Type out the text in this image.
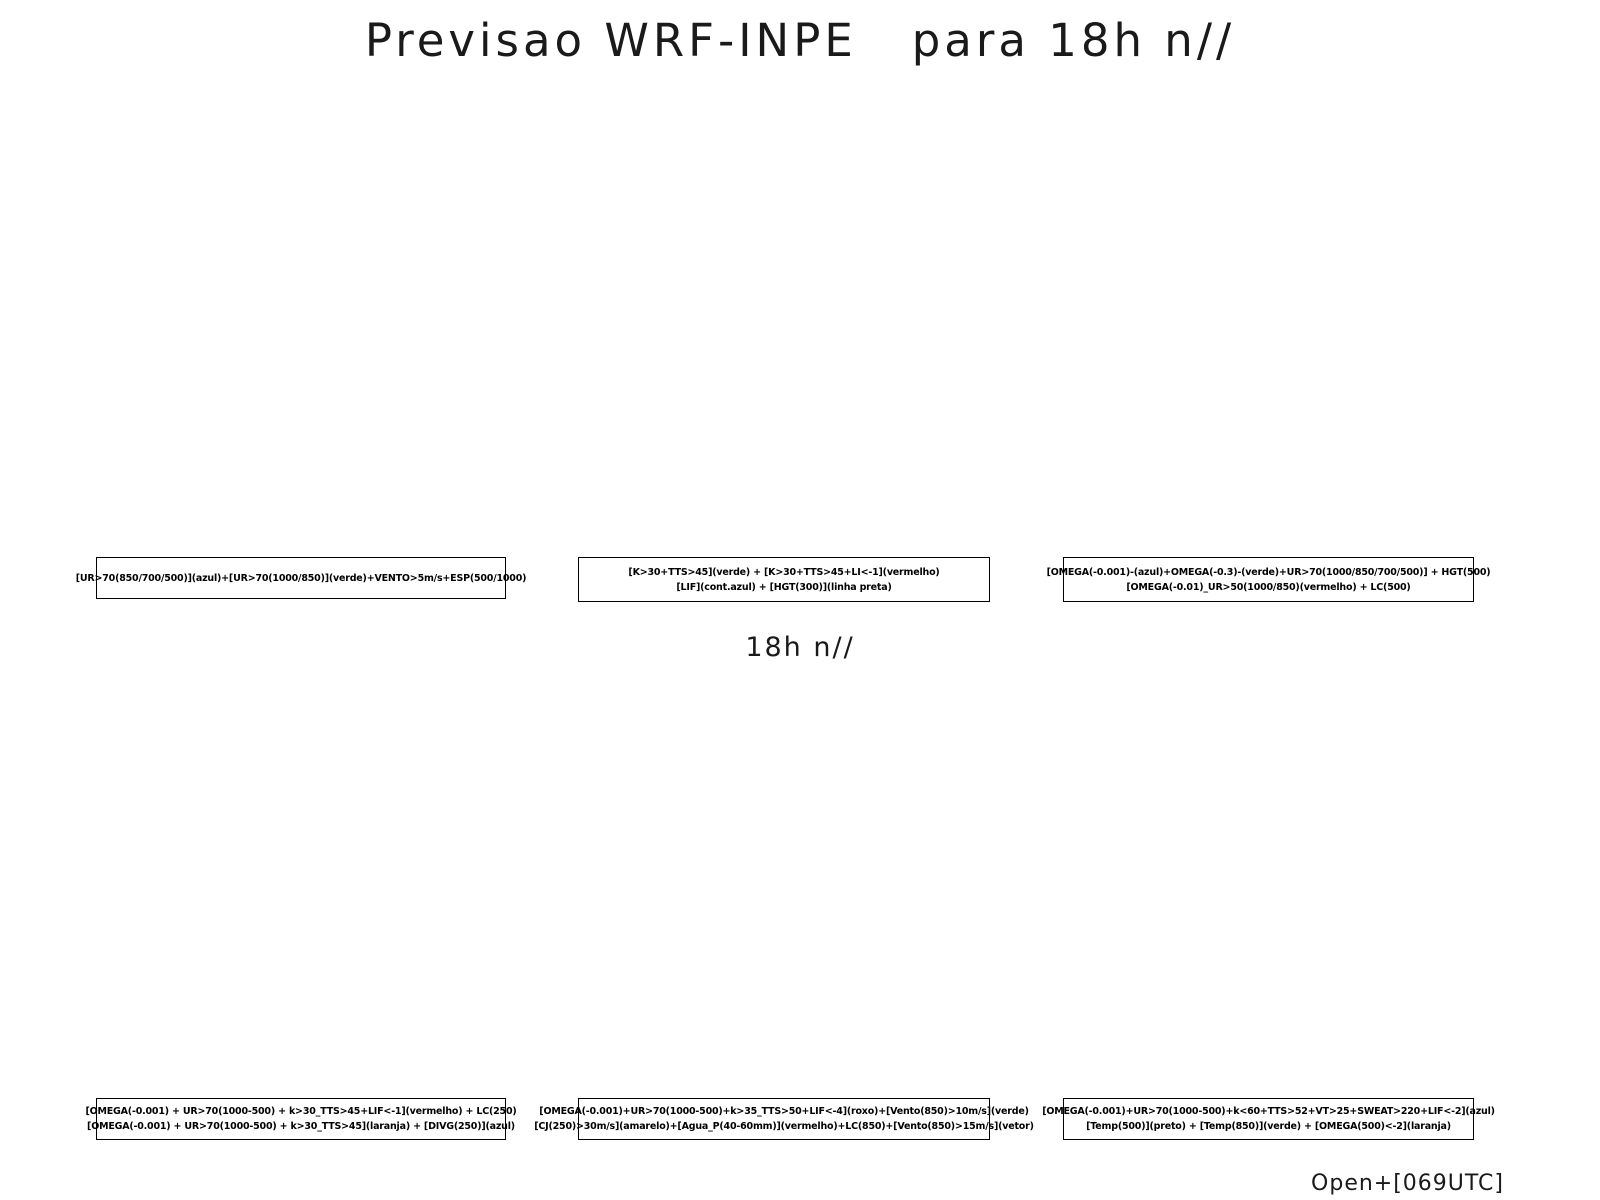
Previsao WRF-INPE   para 18h n//
18h n//
[UR>70(850/700/500)](azul)+[UR>70(1000/850)](verde)+VENTO>5m/s+ESP(500/1000)
[K>30+TTS>45](verde) + [K>30+TTS>45+LI<-1](vermelho)
[LIF](cont.azul) + [HGT(300)](linha preta)
[OMEGA(-0.001)-(azul)+OMEGA(-0.3)-(verde)+UR>70(1000/850/700/500)] + HGT(500)
[OMEGA(-0.01)_UR>50(1000/850)(vermelho) + LC(500)
[OMEGA(-0.001) + UR>70(1000-500) + k>30_TTS>45+LIF<-1](vermelho) + LC(250)
[OMEGA(-0.001) + UR>70(1000-500) + k>30_TTS>45](laranja) + [DIVG(250)](azul)
[OMEGA(-0.001)+UR>70(1000-500)+k>35_TTS>50+LIF<-4](roxo)+[Vento(850)>10m/s](verde)
[CJ(250)>30m/s](amarelo)+[Agua_P(40-60mm)](vermelho)+LC(850)+[Vento(850)>15m/s](vetor)
[OMEGA(-0.001)+UR>70(1000-500)+k<60+TTS>52+VT>25+SWEAT>220+LIF<-2](azul)
[Temp(500)](preto) + [Temp(850)](verde) + [OMEGA(500)<-2](laranja)
Open+[069UTC]
